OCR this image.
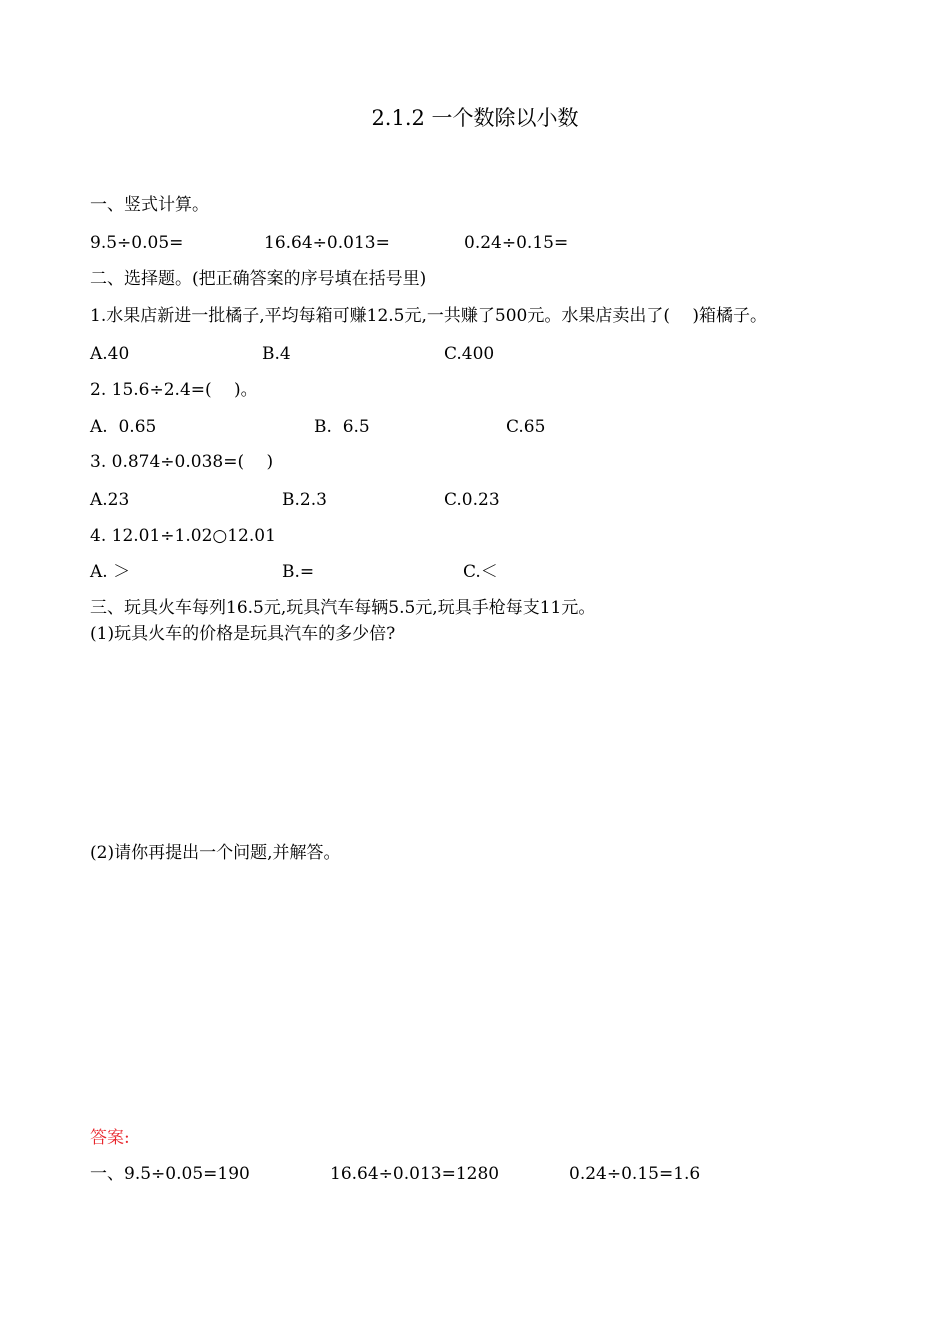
2.1.2 一个数除以小数
一、竖式计算。
9.5÷0.05=	16.64÷0.013=	0.24÷0.15=
二、选择题。(把正确答案的序号填在括号里)
1.水果店新进一批橘子,平均每箱可赚12.5元,一共赚了500元。水果店卖出了(　 )箱橘子。
A.40	B.4	C.400
2. 15.6÷2.4=(　 )。
A.  0.65	B.  6.5	C.65
3. 0.874÷0.038=(　 )
A.23	B.2.3	C.0.23
4. 12.01÷1.02○12.01
A. ＞	B.=	C.＜
三、玩具火车每列16.5元,玩具汽车每辆5.5元,玩具手枪每支11元。
(1)玩具火车的价格是玩具汽车的多少倍?
(2)请你再提出一个问题,并解答。
答案:
一、9.5÷0.05=190	16.64÷0.013=1280	0.24÷0.15=1.6
